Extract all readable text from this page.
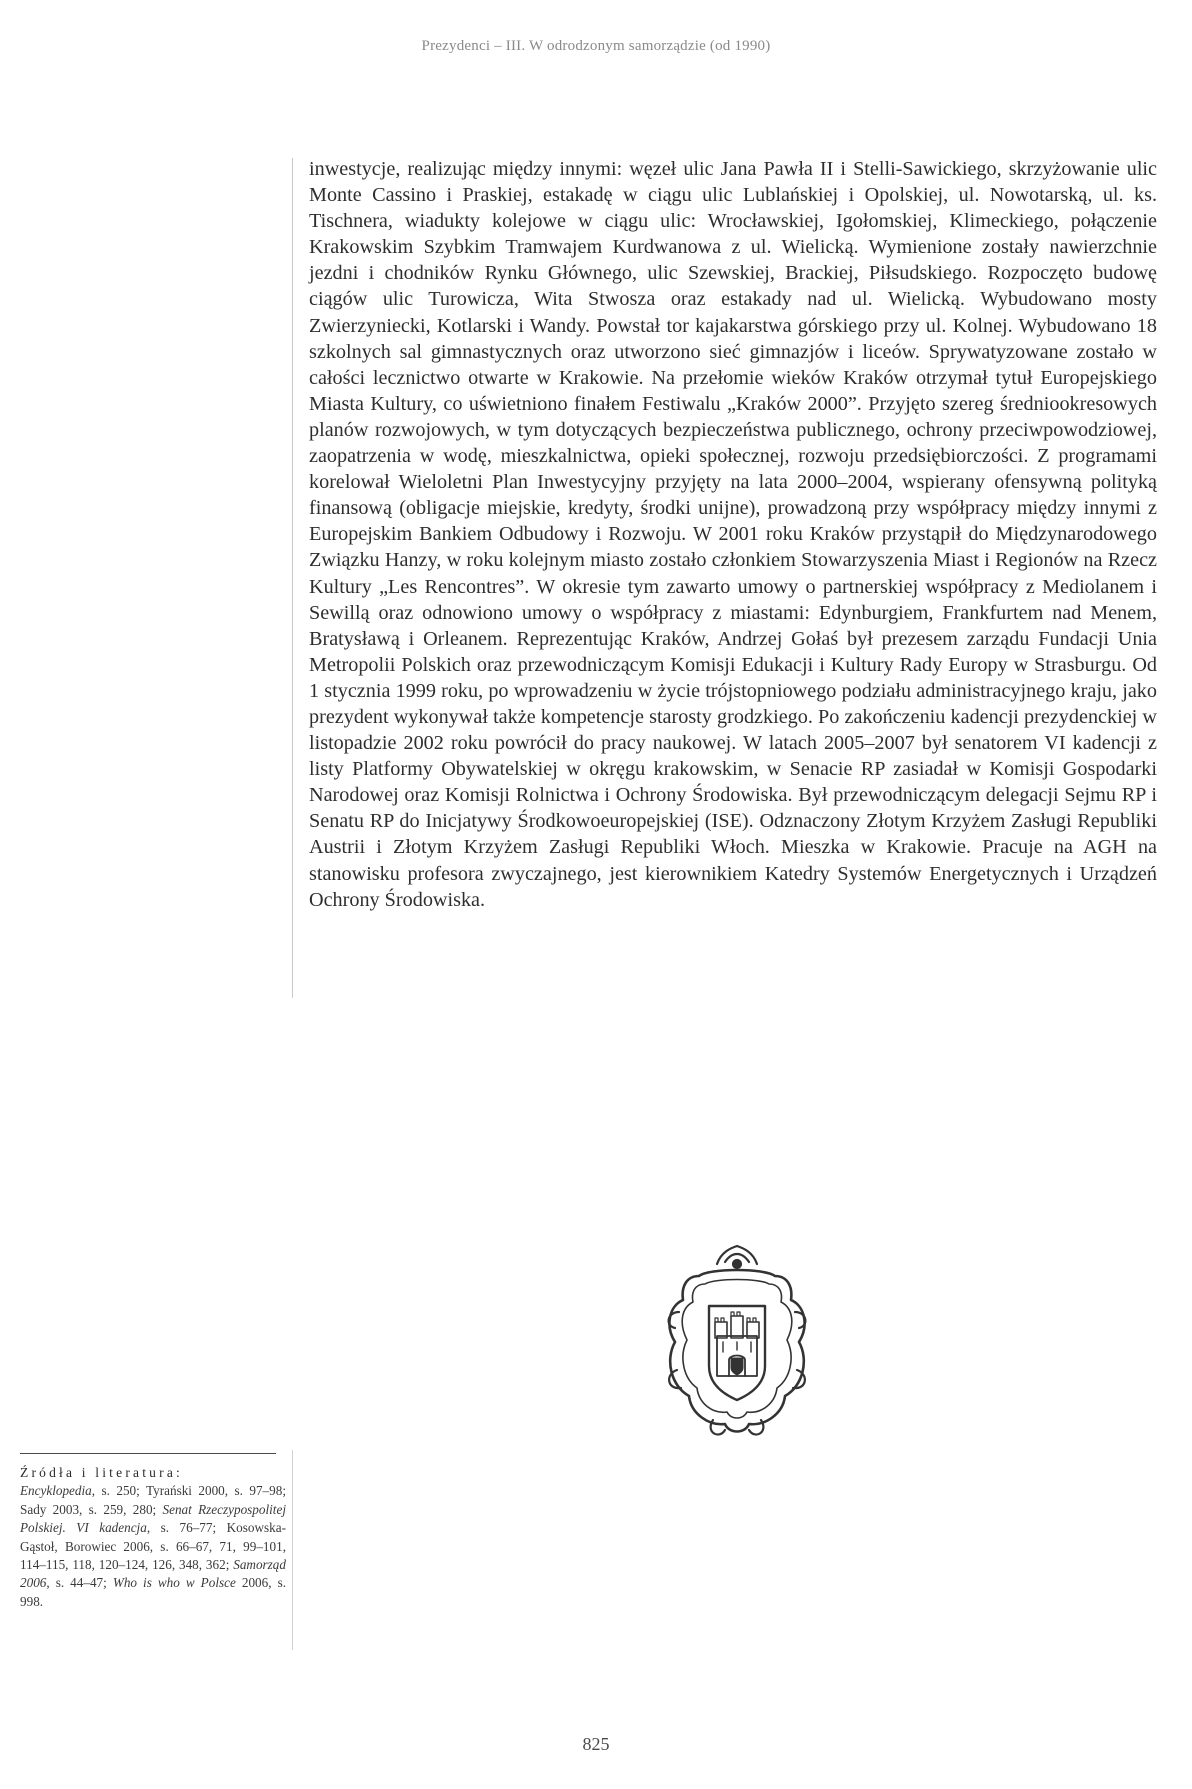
Prezydenci – III. W odrodzonym samorządzie (od 1990)

inwestycje, realizując między innymi: węzeł ulic Jana Pawła II i Stelli-Sawickiego, skrzyżowanie ulic Monte Cassino i Praskiej, estakadę w ciągu ulic Lublańskiej i Opolskiej, ul. Nowotarską, ul. ks. Tischnera, wiadukty kolejowe w ciągu ulic: Wrocławskiej, Igołomskiej, Klimeckiego, połączenie Krakowskim Szybkim Tramwajem Kurdwanowa z ul. Wielicką. Wymienione zostały nawierzchnie jezdni i chodników Rynku Głównego, ulic Szewskiej, Brackiej, Piłsudskiego. Rozpoczęto budowę ciągów ulic Turowicza, Wita Stwosza oraz estakady nad ul. Wielicką. Wybudowano mosty Zwierzyniecki, Kotlarski i Wandy. Powstał tor kajakarstwa górskiego przy ul. Kolnej. Wybudowano 18 szkolnych sal gimnastycznych oraz utworzono sieć gimnazjów i liceów. Sprywatyzowane zostało w całości lecznictwo otwarte w Krakowie. Na przełomie wieków Kraków otrzymał tytuł Europejskiego Miasta Kultury, co uświetniono finałem Festiwalu „Kraków 2000”. Przyjęto szereg średniookresowych planów rozwojowych, w tym dotyczących bezpieczeństwa publicznego, ochrony przeciwpowodziowej, zaopatrzenia w wodę, mieszkalnictwa, opieki społecznej, rozwoju przedsiębiorczości. Z programami korelował Wieloletni Plan Inwestycyjny przyjęty na lata 2000–2004, wspierany ofensywną polityką finansową (obligacje miejskie, kredyty, środki unijne), prowadzoną przy współpracy między innymi z Europejskim Bankiem Odbudowy i Rozwoju. W 2001 roku Kraków przystąpił do Międzynarodowego Związku Hanzy, w roku kolejnym miasto zostało członkiem Stowarzyszenia Miast i Regionów na Rzecz Kultury „Les Rencontres”. W okresie tym zawarto umowy o partnerskiej współpracy z Mediolanem i Sewillą oraz odnowiono umowy o współpracy z miastami: Edynburgiem, Frankfurtem nad Menem, Bratysławą i Orleanem. Reprezentując Kraków, Andrzej Gołaś był prezesem zarządu Fundacji Unia Metropolii Polskich oraz przewodniczącym Komisji Edukacji i Kultury Rady Europy w Strasburgu. Od 1 stycznia 1999 roku, po wprowadzeniu w życie trójstopniowego podziału administracyjnego kraju, jako prezydent wykonywał także kompetencje starosty grodzkiego. Po zakończeniu kadencji prezydenckiej w listopadzie 2002 roku powrócił do pracy naukowej. W latach 2005–2007 był senatorem VI kadencji z listy Platformy Obywatelskiej w okręgu krakowskim, w Senacie RP zasiadał w Komisji Gospodarki Narodowej oraz Komisji Rolnictwa i Ochrony Środowiska. Był przewodniczącym delegacji Sejmu RP i Senatu RP do Inicjatywy Środkowoeuropejskiej (ISE). Odznaczony Złotym Krzyżem Zasługi Republiki Austrii i Złotym Krzyżem Zasługi Republiki Włoch. Mieszka w Krakowie. Pracuje na AGH na stanowisku profesora zwyczajnego, jest kierownikiem Katedry Systemów Energetycznych i Urządzeń Ochrony Środowiska.

Źródła i literatura:

Encyklopedia, s. 250; Tyrański 2000, s. 97–98; Sady 2003, s. 259, 280; Senat Rzeczypospolitej Polskiej. VI kadencja, s. 76–77; Kosowska-Gąstoł, Borowiec 2006, s. 66–67, 71, 99–101, 114–115, 118, 120–124, 126, 348, 362; Samorząd 2006, s. 44–47; Who is who w Polsce 2006, s. 998.

825
